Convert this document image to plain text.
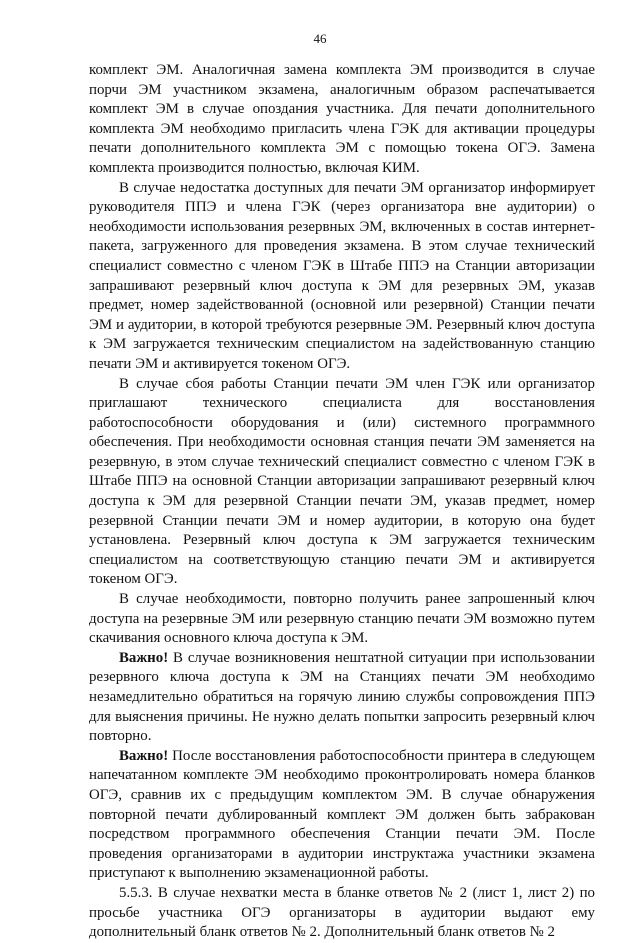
46

комплект ЭМ. Аналогичная замена комплекта ЭМ производится в случае порчи ЭМ участником экзамена, аналогичным образом распечатывается комплект ЭМ в случае опоздания участника. Для печати дополнительного комплекта ЭМ необходимо пригласить члена ГЭК для активации процедуры печати дополнительного комплекта ЭМ с помощью токена ОГЭ. Замена комплекта производится полностью, включая КИМ.

В случае недостатка доступных для печати ЭМ организатор информирует руководителя ППЭ и члена ГЭК (через организатора вне аудитории) о необходимости использования резервных ЭМ, включенных в состав интернет-пакета, загруженного для проведения экзамена. В этом случае технический специалист совместно с членом ГЭК в Штабе ППЭ на Станции авторизации запрашивают резервный ключ доступа к ЭМ для резервных ЭМ, указав предмет, номер задействованной (основной или резервной) Станции печати ЭМ и аудитории, в которой требуются резервные ЭМ. Резервный ключ доступа к ЭМ загружается техническим специалистом на задействованную станцию печати ЭМ и активируется токеном ОГЭ.

В случае сбоя работы Станции печати ЭМ член ГЭК или организатор приглашают технического специалиста для восстановления работоспособности оборудования и (или) системного программного обеспечения. При необходимости основная станция печати ЭМ заменяется на резервную, в этом случае технический специалист совместно с членом ГЭК в Штабе ППЭ на основной Станции авторизации запрашивают резервный ключ доступа к ЭМ для резервной Станции печати ЭМ, указав предмет, номер резервной Станции печати ЭМ и номер аудитории, в которую она будет установлена. Резервный ключ доступа к ЭМ загружается техническим специалистом на соответствующую станцию печати ЭМ и активируется токеном ОГЭ.

В случае необходимости, повторно получить ранее запрошенный ключ доступа на резервные ЭМ или резервную станцию печати ЭМ возможно путем скачивания основного ключа доступа к ЭМ.

Важно! В случае возникновения нештатной ситуации при использовании резервного ключа доступа к ЭМ на Станциях печати ЭМ необходимо незамедлительно обратиться на горячую линию службы сопровождения ППЭ для выяснения причины. Не нужно делать попытки запросить резервный ключ повторно.

Важно! После восстановления работоспособности принтера в следующем напечатанном комплекте ЭМ необходимо проконтролировать номера бланков ОГЭ, сравнив их с предыдущим комплектом ЭМ. В случае обнаружения повторной печати дублированный комплект ЭМ должен быть забракован посредством программного обеспечения Станции печати ЭМ. После проведения организаторами в аудитории инструктажа участники экзамена приступают к выполнению экзаменационной работы.

5.5.3. В случае нехватки места в бланке ответов № 2 (лист 1, лист 2) по просьбе участника ОГЭ организаторы в аудитории выдают ему дополнительный бланк ответов № 2. Дополнительный бланк ответов № 2
